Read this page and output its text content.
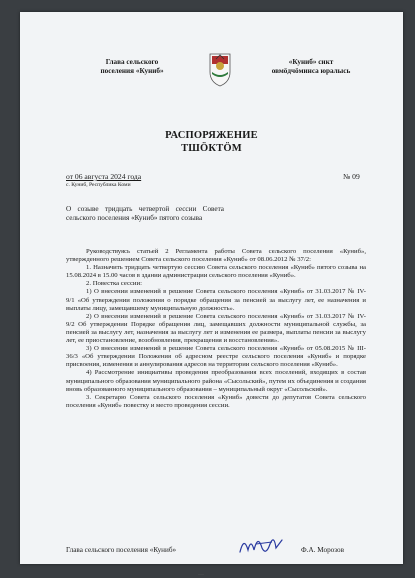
Глава сельского
поселения «Куниб»
«Куниб» сикт
овмӧдчӧминса юралысь
РАСПОРЯЖЕНИЕ
ТШӦКТӦМ
от 06 августа 2024 года
с. Куниб, Республика Коми
№ 09
О созыве тридцать четвертой сессии Совета сельского поселения «Куниб» пятого созыва

Руководствуясь статьей 2 Регламента работы Совета сельского поселения «Куниб», утвержденного решением Совета сельского поселения «Куниб» от 08.06.2012 № 37/2:

1. Назначить тридцать четвертую сессию Совета сельского поселения «Куниб» пятого созыва на 15.08.2024 в 15.00 часов в здании администрации сельского поселения «Куниб».

2. Повестка сессии:

1) О внесении изменений в решение Совета сельского поселения «Куниб» от 31.03.2017 № IV- 9/1 «Об утверждении положения о порядке обращения за пенсией за выслугу лет, ее назначения и выплаты лицу, замещавшему муниципальную должность».

2) О внесении изменений в решение Совета сельского поселения «Куниб» от 31.03.2017 № IV- 9/2 Об утверждении Порядке обращения лиц, замещавших должности муниципальной службы, за пенсией за выслугу лет, назначения за выслугу лет и изменения ее размера, выплаты пенсии за выслугу лет, ее приостановление, возобновления, прекращения и восстановления».

3) О внесении изменений в решение Совета сельского поселения «Куниб» от 05.08.2015 № III-36/3 «Об утверждении Положения об адресном реестре сельского поселения «Куниб» и порядке присвоения, изменения и аннулирования адресов на территории сельского поселения «Куниб».

4) Рассмотрение инициативы проведения преобразования всех поселений, входящих в состав муниципального образования муниципального района «Сысольский», путем их объединения и создания вновь образованного муниципального образования – муниципальный округ «Сысольский».

3. Секретарю Совета сельского поселения «Куниб» довести до депутатов Совета сельского поселения «Куниб» повестку и место проведения сессии.

Глава сельского поселения «Куниб»	Ф.А. Морозов
—
